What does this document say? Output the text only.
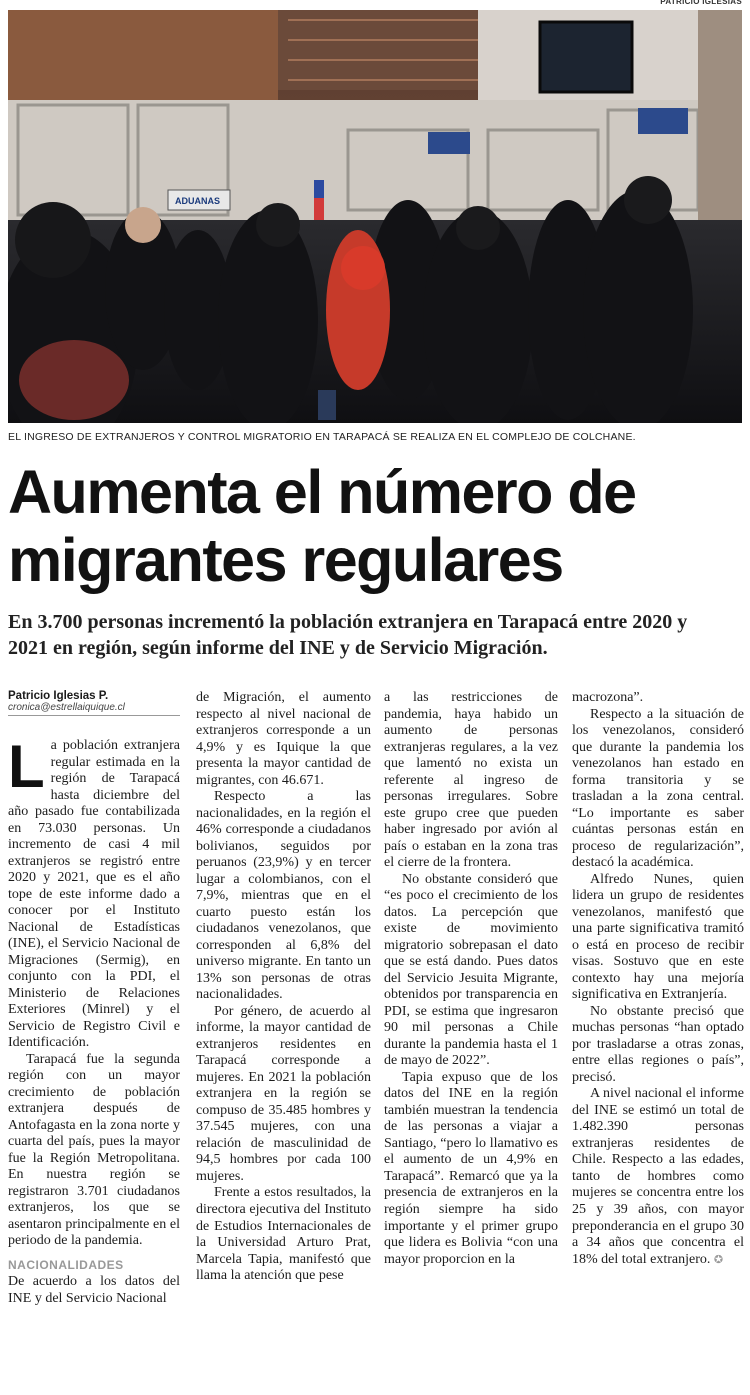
PATRICIO IGLESIAS
ADUANAS
EL INGRESO DE EXTRANJEROS Y CONTROL MIGRATORIO EN TARAPACÁ SE REALIZA EN EL COMPLEJO DE COLCHANE.
Aumenta el número de migrantes regulares
En 3.700 personas incrementó la población extranjera en Tarapacá entre 2020 y 2021 en región, según informe del INE y de Servicio Migración.
Patricio Iglesias P.
cronica@estrellaiquique.cl

La población extranjera regular estimada en la región de Tarapacá hasta diciembre del año pasado fue contabilizada en 73.030 personas. Un incremento de casi 4 mil extranjeros se registró entre 2020 y 2021, que es el año tope de este informe dado a conocer por el Instituto Nacional de Estadísticas (INE), el Servicio Nacional de Migraciones (Sermig), en conjunto con la PDI, el Ministerio de Relaciones Exteriores (Minrel) y el Servicio de Registro Civil e Identificación.

Tarapacá fue la segunda región con un mayor crecimiento de población extranjera después de Antofagasta en la zona norte y cuarta del país, pues la mayor fue la Región Metropolitana. En nuestra región se registraron 3.701 ciudadanos extranjeros, los que se asentaron principalmente en el periodo de la pandemia.

NACIONALIDADES

De acuerdo a los datos del INE y del Servicio Nacional

de Migración, el aumento respecto al nivel nacional de extranjeros corresponde a un 4,9% y es Iquique la que presenta la mayor cantidad de migrantes, con 46.671.

Respecto a las nacionalidades, en la región el 46% corresponde a ciudadanos bolivianos, seguidos por peruanos (23,9%) y en tercer lugar a colombianos, con el 7,9%, mientras que en el cuarto puesto están los ciudadanos venezolanos, que corresponden al 6,8% del universo migrante. En tanto un 13% son personas de otras nacionalidades.

Por género, de acuerdo al informe, la mayor cantidad de extranjeros residentes en Tarapacá corresponde a mujeres. En 2021 la población extranjera en la región se compuso de 35.485 hombres y 37.545 mujeres, con una relación de masculinidad de 94,5 hombres por cada 100 mujeres.

Frente a estos resultados, la directora ejecutiva del Instituto de Estudios Internacionales de la Universidad Arturo Prat, Marcela Tapia, manifestó que llama la atención que pese

a las restricciones de pandemia, haya habido un aumento de personas extranjeras regulares, a la vez que lamentó no exista un referente al ingreso de personas irregulares. Sobre este grupo cree que pueden haber ingresado por avión al país o estaban en la zona tras el cierre de la frontera.

No obstante consideró que “es poco el crecimiento de los datos. La percepción que existe de movimiento migratorio sobrepasan el dato que se está dando. Pues datos del Servicio Jesuita Migrante, obtenidos por transparencia en PDI, se estima que ingresaron 90 mil personas a Chile durante la pandemia hasta el 1 de mayo de 2022”.

Tapia expuso que de los datos del INE en la región también muestran la tendencia de las personas a viajar a Santiago, “pero lo llamativo es el aumento de un 4,9% en Tarapacá”. Remarcó que ya la presencia de extranjeros en la región siempre ha sido importante y el primer grupo que lidera es Bolivia “con una mayor proporcion en la

macrozona”.

Respecto a la situación de los venezolanos, consideró que durante la pandemia los venezolanos han estado en forma transitoria y se trasladan a la zona central. “Lo importante es saber cuántas personas están en proceso de regularización”, destacó la académica.

Alfredo Nunes, quien lidera un grupo de residentes venezolanos, manifestó que una parte significativa tramitó o está en proceso de recibir visas. Sostuvo que en este contexto hay una mejoría significativa en Extranjería.

No obstante precisó que muchas personas “han optado por trasladarse a otras zonas, entre ellas regiones o país”, precisó.

A nivel nacional el informe del INE se estimó un total de 1.482.390 personas extranjeras residentes de Chile. Respecto a las edades, tanto de hombres como mujeres se concentra entre los 25 y 39 años, con mayor preponderancia en el grupo 30 a 34 años que concentra el 18% del total extranjero. ✪
